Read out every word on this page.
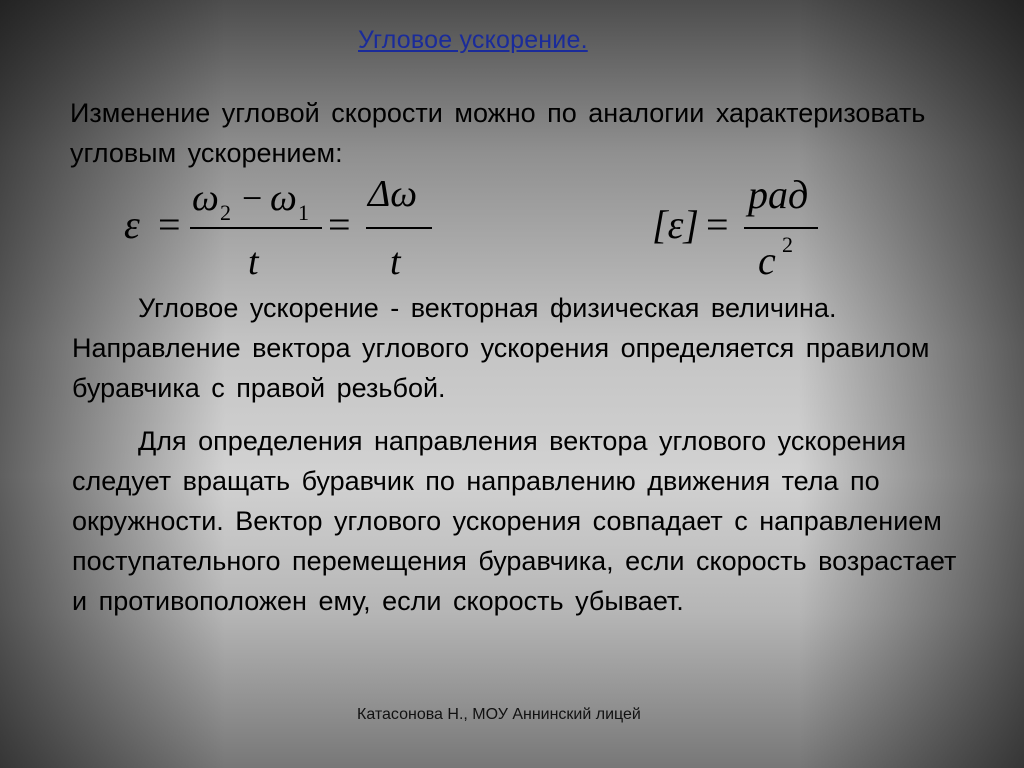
Угловое ускорение.

Изменение угловой скорости можно по аналогии характеризовать угловым ускорением:

ε =
ω 2 − ω 1
t
=
Δω
t
[ε] =
рад
с 2

Угловое ускорение - векторная физическая величина. Направление вектора углового ускорения определяется правилом буравчика с правой резьбой.

Для определения направления вектора углового ускорения следует вращать буравчик по направлению движения тела по окружности. Вектор углового ускорения совпадает с направлением поступательного перемещения буравчика, если скорость возрастает и противоположен ему, если скорость убывает.

Катасонова Н., МОУ Аннинский лицей
